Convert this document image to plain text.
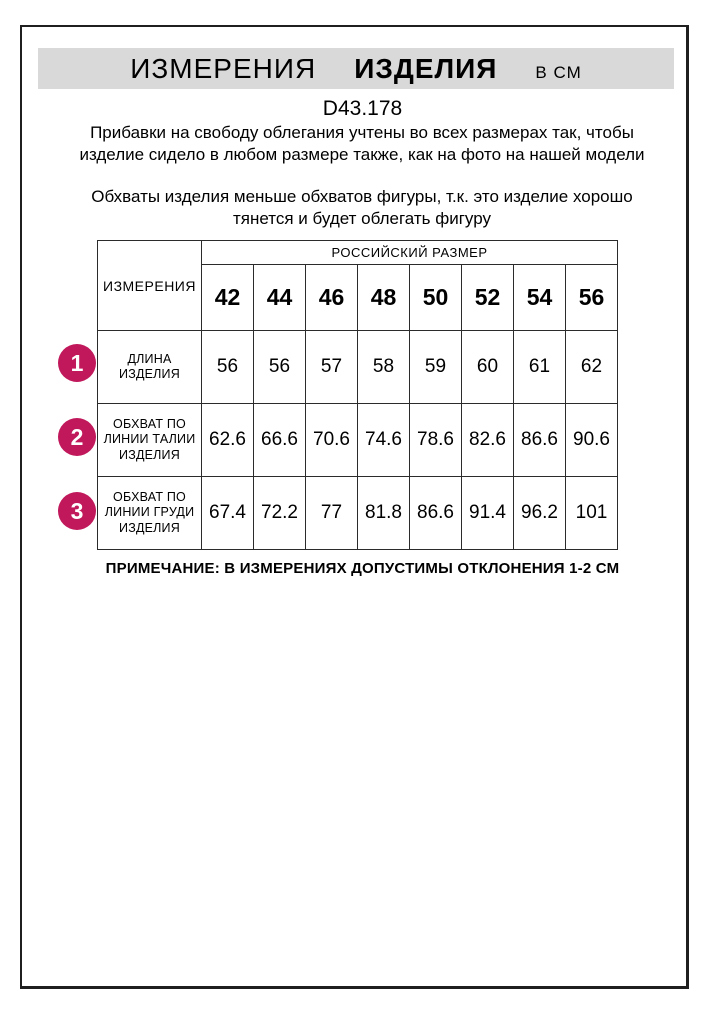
ИЗМЕРЕНИЯ ИЗДЕЛИЯ В СМ
D43.178
Прибавки на свободу облегания учтены во всех размерах так, чтобы изделие сидело в любом размере также, как на фото на нашей модели
Обхваты изделия меньше обхватов фигуры, т.к. это изделие хорошо тянется и будет облегать фигуру
ИЗМЕРЕНИЯ	РОССИЙСКИЙ РАЗМЕР							
	42	44	46	48	50	52	54	56
ДЛИНА ИЗДЕЛИЯ	56	56	57	58	59	60	61	62
ОБХВАТ ПО ЛИНИИ ТАЛИИ ИЗДЕЛИЯ	62.6	66.6	70.6	74.6	78.6	82.6	86.6	90.6
ОБХВАТ ПО ЛИНИИ ГРУДИ ИЗДЕЛИЯ	67.4	72.2	77	81.8	86.6	91.4	96.2	101
1
2
3
ПРИМЕЧАНИЕ: В ИЗМЕРЕНИЯХ ДОПУСТИМЫ ОТКЛОНЕНИЯ 1-2 СМ
